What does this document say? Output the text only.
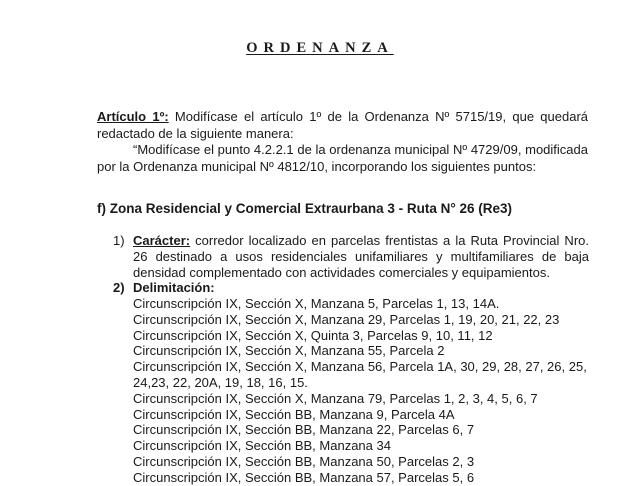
ORDENANZA
Artículo 1º: Modifícase el artículo 1º de la Ordenanza Nº 5715/19, que quedará redactado de la siguiente manera:
“Modifícase el punto 4.2.2.1 de la ordenanza municipal Nº 4729/09, modificada por la Ordenanza municipal Nº 4812/10, incorporando los siguientes puntos:
f) Zona Residencial y Comercial Extraurbana 3 - Ruta N° 26 (Re3)
1) Carácter: corredor localizado en parcelas frentistas a la Ruta Provincial Nro. 26 destinado a usos residenciales unifamiliares y multifamiliares de baja densidad complementado con actividades comerciales y equipamientos.
2) Delimitación:
Circunscripción IX, Sección X, Manzana 5, Parcelas 1, 13, 14A.
Circunscripción IX, Sección X, Manzana 29, Parcelas 1, 19, 20, 21, 22, 23
Circunscripción IX, Sección X, Quinta 3, Parcelas 9, 10, 11, 12
Circunscripción IX, Sección X, Manzana 55, Parcela 2
Circunscripción IX, Sección X, Manzana 56, Parcela 1A, 30, 29, 28, 27, 26, 25, 24,23, 22, 20A, 19, 18, 16, 15.
Circunscripción IX, Sección X, Manzana 79, Parcelas 1, 2, 3, 4, 5, 6, 7
Circunscripción IX, Sección BB, Manzana 9, Parcela 4A
Circunscripción IX, Sección BB, Manzana 22, Parcelas 6, 7
Circunscripción IX, Sección BB, Manzana 34
Circunscripción IX, Sección BB, Manzana 50, Parcelas 2, 3
Circunscripción IX, Sección BB, Manzana 57, Parcelas 5, 6
